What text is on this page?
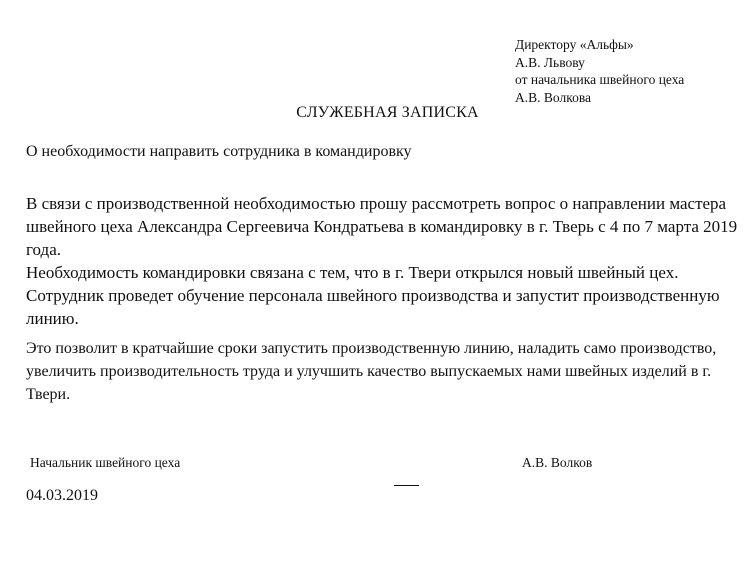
Директору «Альфы»
А.В. Львову
от начальника швейного цеха
А.В. Волкова
СЛУЖЕБНАЯ ЗАПИСКА
О необходимости направить сотрудника в командировку

В связи с производственной необходимостью прошу рассмотреть вопрос о направлении мастера швейного цеха Александра Сергеевича Кондратьева в командировку в г. Тверь с 4 по 7 марта 2019 года.

Необходимость командировки связана с тем, что в г. Твери открылся новый швейный цех. Сотрудник проведет обучение персонала швейного производства и запустит производственную линию.

Это позволит в кратчайшие сроки запустить производственную линию, наладить само производство, увеличить производительность труда и улучшить качество выпускаемых нами швейных изделий в г. Твери.

Начальник швейного цеха	А.В. Волков
04.03.2019
